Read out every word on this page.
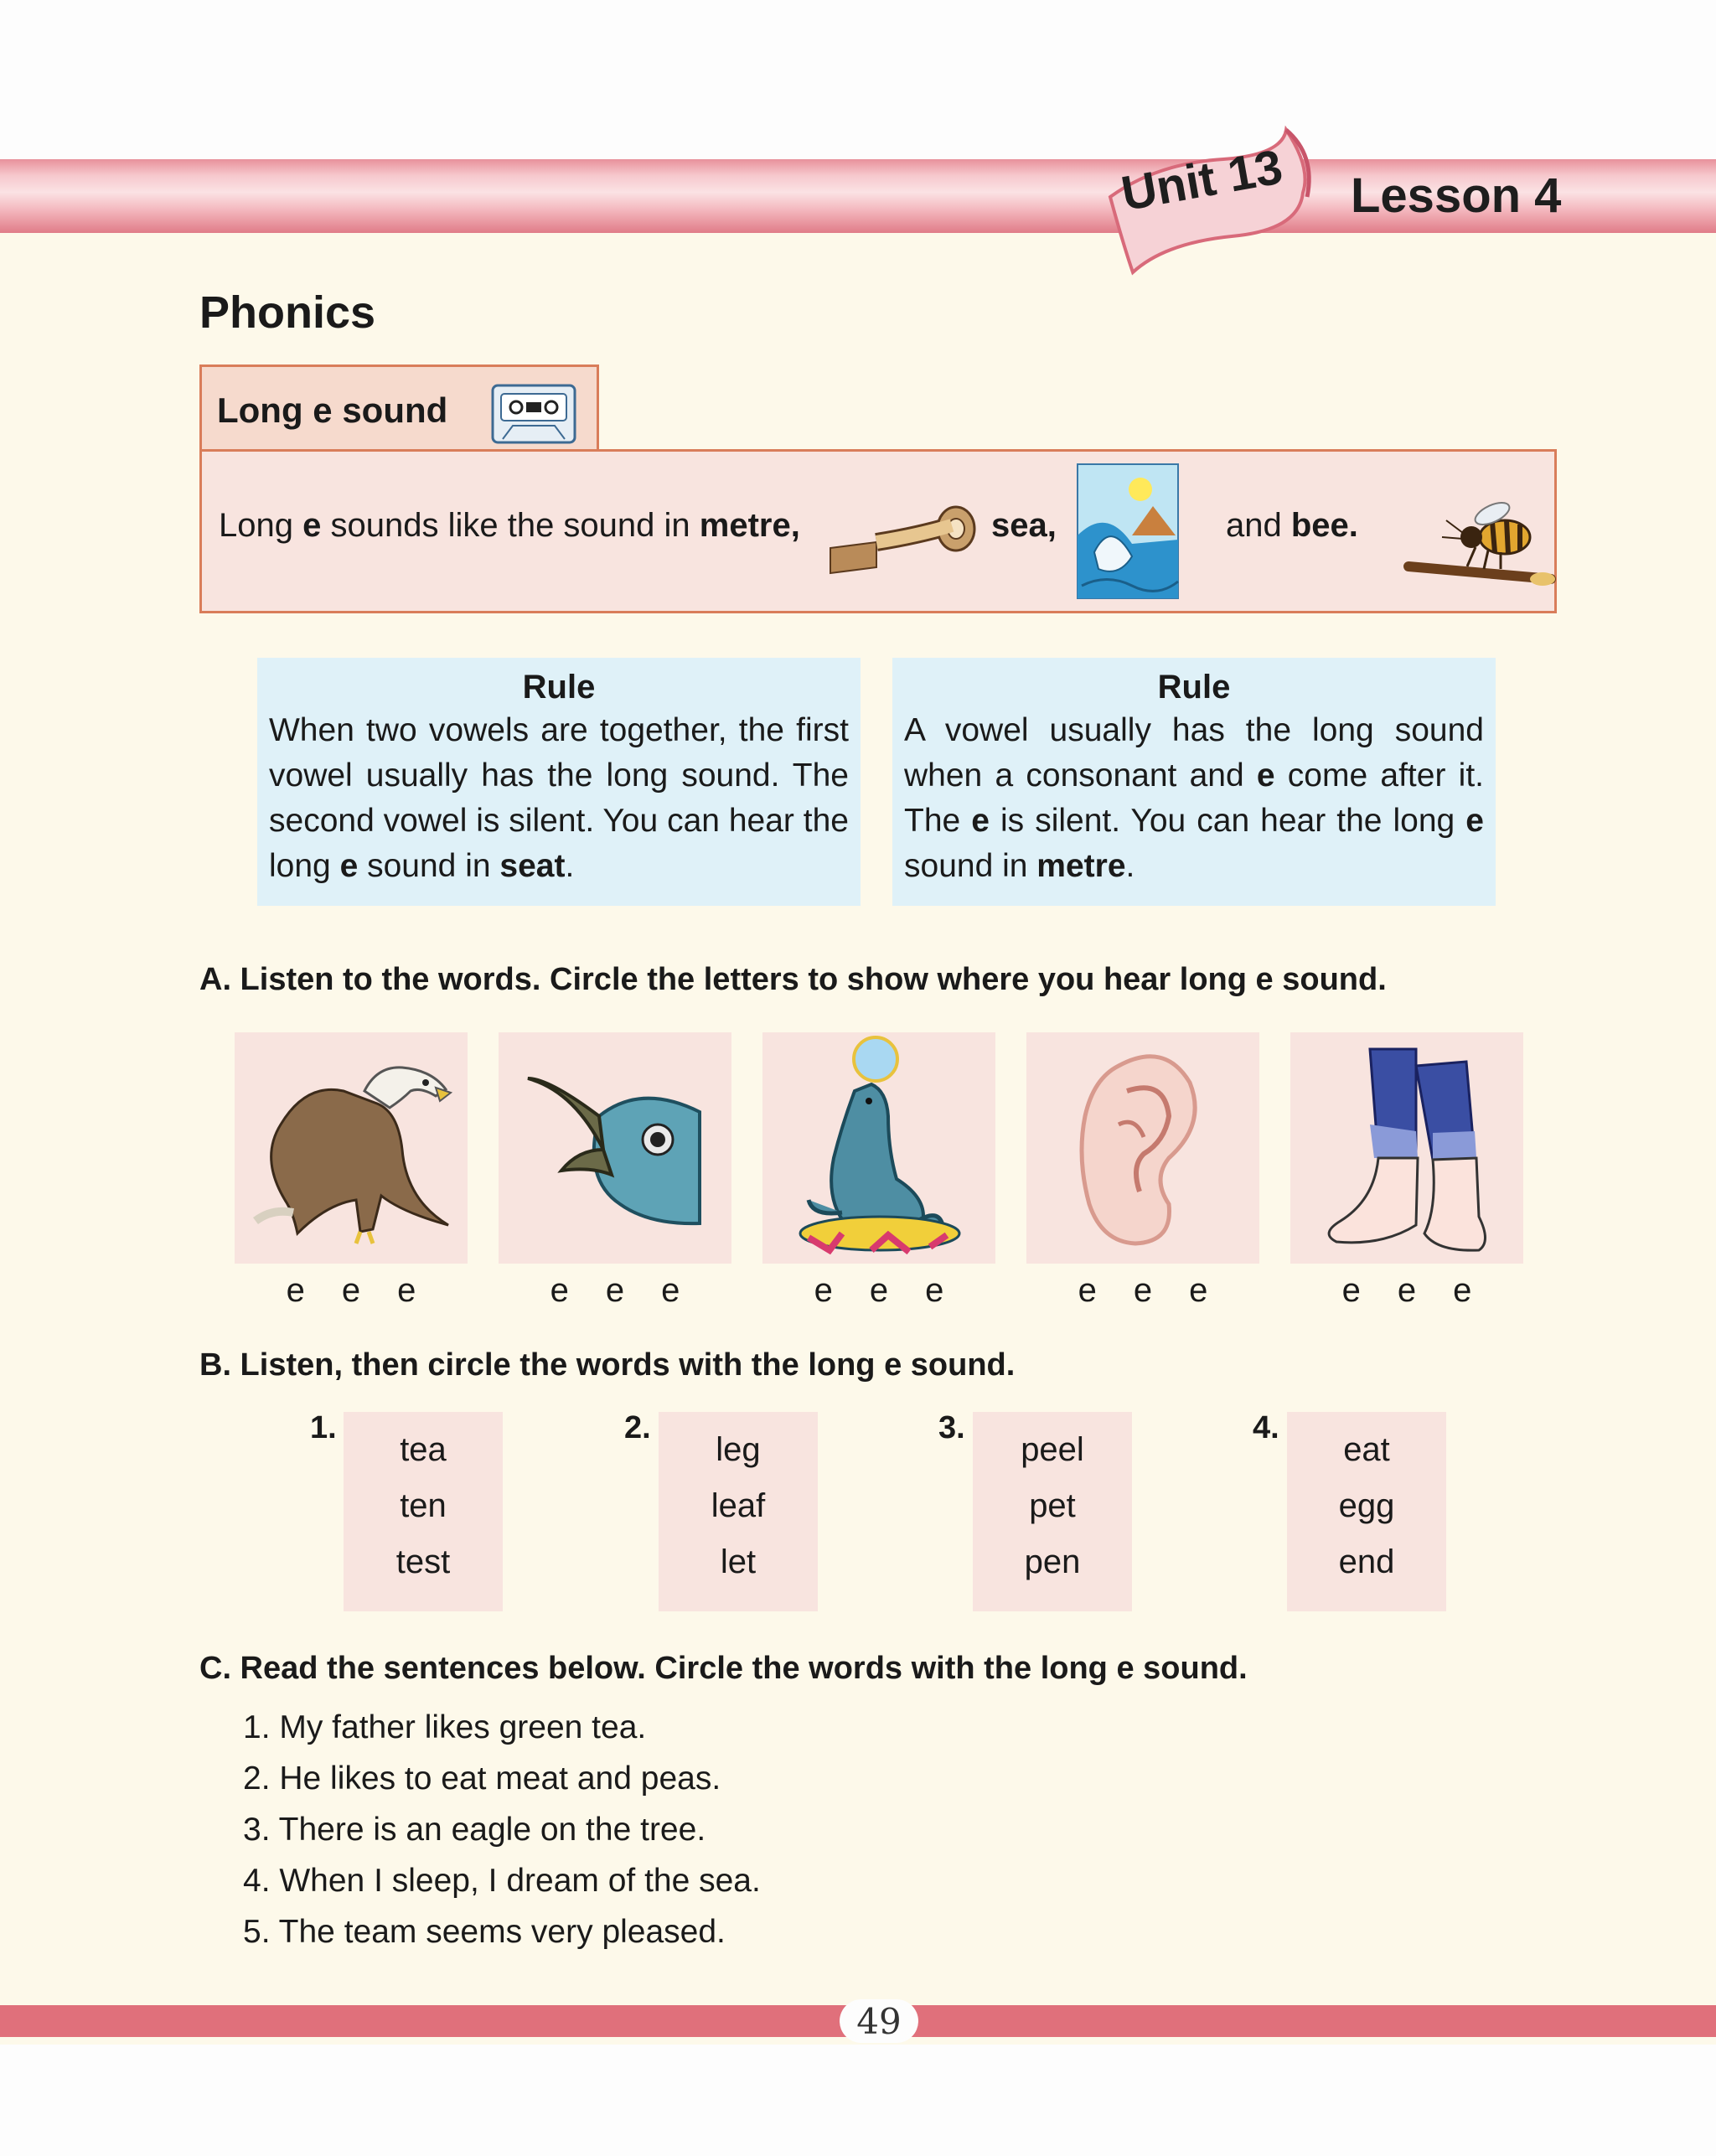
Unit 13 Lesson 4
Phonics
Long e sound
Long e sounds like the sound in metre,	sea,	and bee.
Rule
When two vowels are together, the first vowel usually has the long sound. The second vowel is silent. You can hear the long e sound in seat.
Rule
A vowel usually has the long sound when a consonant and e come after it. The e is silent. You can hear the long e sound in metre.
A. Listen to the words. Circle the letters to show where you hear long e sound.
e e e	e e e	e e e	e e e	e e e
B. Listen, then circle the words with the long e sound.
1.
tea
ten
test
2.
leg
leaf
let
3.
peel
pet
pen
4.
eat
egg
end
C. Read the sentences below. Circle the words with the long e sound.
1. My father likes green tea.
2. He likes to eat meat and peas.
3. There is an eagle on the tree.
4. When I sleep, I dream of the sea.
5. The team seems very pleased.
49
